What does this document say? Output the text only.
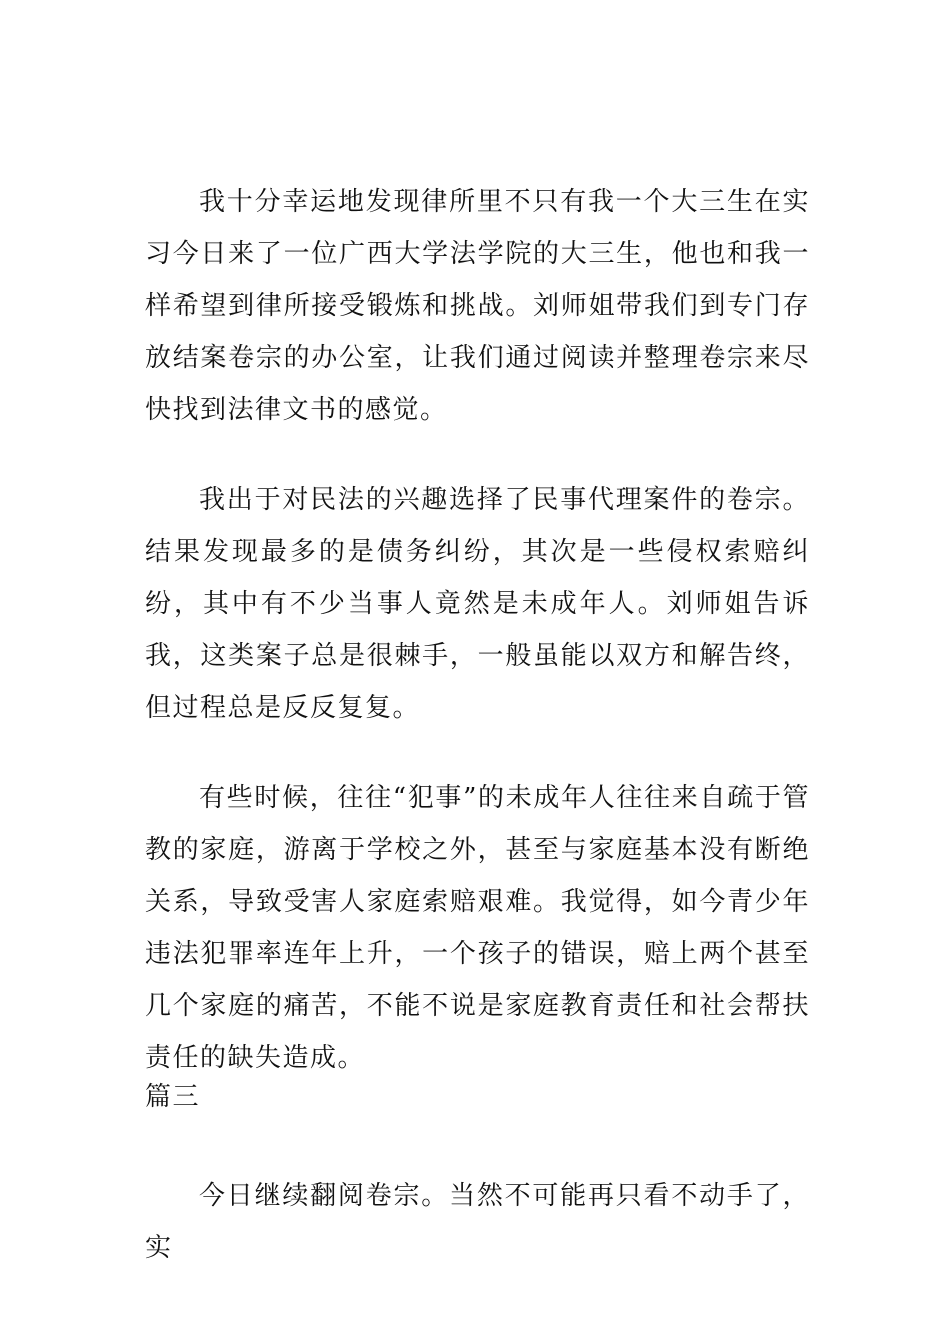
我十分幸运地发现律所里不只有我一个大三生在实习今日来了一位广西大学法学院的大三生，他也和我一样希望到律所接受锻炼和挑战。刘师姐带我们到专门存放结案卷宗的办公室，让我们通过阅读并整理卷宗来尽快找到法律文书的感觉。

我出于对民法的兴趣选择了民事代理案件的卷宗。结果发现最多的是债务纠纷，其次是一些侵权索赔纠纷，其中有不少当事人竟然是未成年人。刘师姐告诉我，这类案子总是很棘手，一般虽能以双方和解告终，但过程总是反反复复。

有些时候，往往“犯事”的未成年人往往来自疏于管教的家庭，游离于学校之外，甚至与家庭基本没有断绝关系，导致受害人家庭索赔艰难。我觉得，如今青少年违法犯罪率连年上升，一个孩子的错误，赔上两个甚至几个家庭的痛苦，不能不说是家庭教育责任和社会帮扶责任的缺失造成。

篇三

今日继续翻阅卷宗。当然不可能再只看不动手了，实
